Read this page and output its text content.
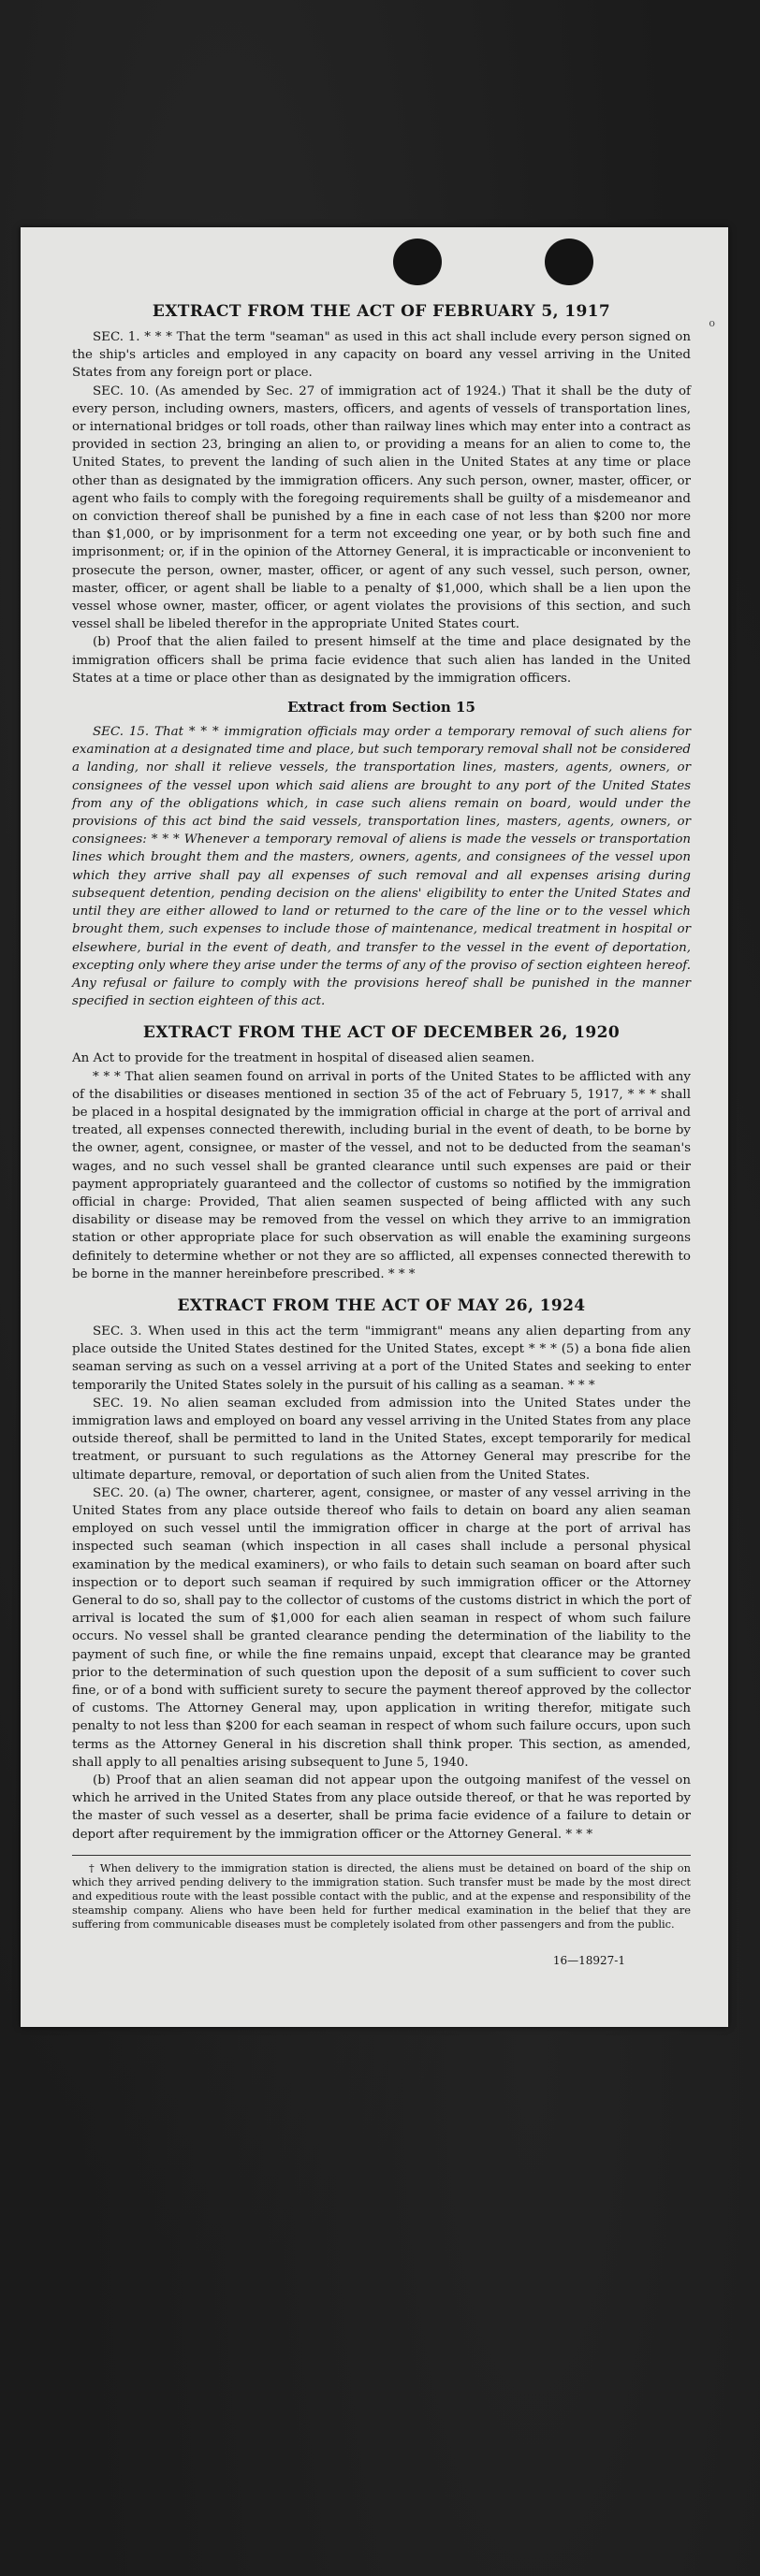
o
EXTRACT FROM THE ACT OF FEBRUARY 5, 1917

SEC. 1. * * * That the term "seaman" as used in this act shall include every person signed on the ship's articles and employed in any capacity on board any vessel arriving in the United States from any foreign port or place.

SEC. 10. (As amended by Sec. 27 of immigration act of 1924.) That it shall be the duty of every person, including owners, masters, officers, and agents of vessels of transportation lines, or international bridges or toll roads, other than railway lines which may enter into a contract as provided in section 23, bringing an alien to, or providing a means for an alien to come to, the United States, to prevent the landing of such alien in the United States at any time or place other than as designated by the immigration officers. Any such person, owner, master, officer, or agent who fails to comply with the foregoing requirements shall be guilty of a misdemeanor and on conviction thereof shall be punished by a fine in each case of not less than $200 nor more than $1,000, or by imprisonment for a term not exceeding one year, or by both such fine and imprisonment; or, if in the opinion of the Attorney General, it is impracticable or inconvenient to prosecute the person, owner, master, officer, or agent of any such vessel, such person, owner, master, officer, or agent shall be liable to a penalty of $1,000, which shall be a lien upon the vessel whose owner, master, officer, or agent violates the provisions of this section, and such vessel shall be libeled therefor in the appropriate United States court.

(b) Proof that the alien failed to present himself at the time and place designated by the immigration officers shall be prima facie evidence that such alien has landed in the United States at a time or place other than as designated by the immigration officers.

Extract from Section 15

SEC. 15. That * * * immigration officials may order a temporary removal of such aliens for examination at a designated time and place, but such temporary removal shall not be considered a landing, nor shall it relieve vessels, the transportation lines, masters, agents, owners, or consignees of the vessel upon which said aliens are brought to any port of the United States from any of the obligations which, in case such aliens remain on board, would under the provisions of this act bind the said vessels, transportation lines, masters, agents, owners, or consignees: * * * Whenever a temporary removal of aliens is made the vessels or transportation lines which brought them and the masters, owners, agents, and consignees of the vessel upon which they arrive shall pay all expenses of such removal and all expenses arising during subsequent detention, pending decision on the aliens' eligibility to enter the United States and until they are either allowed to land or returned to the care of the line or to the vessel which brought them, such expenses to include those of maintenance, medical treatment in hospital or elsewhere, burial in the event of death, and transfer to the vessel in the event of deportation, excepting only where they arise under the terms of any of the proviso of section eighteen hereof. Any refusal or failure to comply with the provisions hereof shall be punished in the manner specified in section eighteen of this act.

EXTRACT FROM THE ACT OF DECEMBER 26, 1920

An Act to provide for the treatment in hospital of diseased alien seamen.

* * * That alien seamen found on arrival in ports of the United States to be afflicted with any of the disabilities or diseases mentioned in section 35 of the act of February 5, 1917, * * * shall be placed in a hospital designated by the immigration official in charge at the port of arrival and treated, all expenses connected therewith, including burial in the event of death, to be borne by the owner, agent, consignee, or master of the vessel, and not to be deducted from the seaman's wages, and no such vessel shall be granted clearance until such expenses are paid or their payment appropriately guaranteed and the collector of customs so notified by the immigration official in charge: Provided, That alien seamen suspected of being afflicted with any such disability or disease may be removed from the vessel on which they arrive to an immigration station or other appropriate place for such observation as will enable the examining surgeons definitely to determine whether or not they are so afflicted, all expenses connected therewith to be borne in the manner hereinbefore prescribed. * * *

EXTRACT FROM THE ACT OF MAY 26, 1924

SEC. 3. When used in this act the term "immigrant" means any alien departing from any place outside the United States destined for the United States, except * * * (5) a bona fide alien seaman serving as such on a vessel arriving at a port of the United States and seeking to enter temporarily the United States solely in the pursuit of his calling as a seaman. * * *

SEC. 19. No alien seaman excluded from admission into the United States under the immigration laws and employed on board any vessel arriving in the United States from any place outside thereof, shall be permitted to land in the United States, except temporarily for medical treatment, or pursuant to such regulations as the Attorney General may prescribe for the ultimate departure, removal, or deportation of such alien from the United States.

SEC. 20. (a) The owner, charterer, agent, consignee, or master of any vessel arriving in the United States from any place outside thereof who fails to detain on board any alien seaman employed on such vessel until the immigration officer in charge at the port of arrival has inspected such seaman (which inspection in all cases shall include a personal physical examination by the medical examiners), or who fails to detain such seaman on board after such inspection or to deport such seaman if required by such immigration officer or the Attorney General to do so, shall pay to the collector of customs of the customs district in which the port of arrival is located the sum of $1,000 for each alien seaman in respect of whom such failure occurs. No vessel shall be granted clearance pending the determination of the liability to the payment of such fine, or while the fine remains unpaid, except that clearance may be granted prior to the determination of such question upon the deposit of a sum sufficient to cover such fine, or of a bond with sufficient surety to secure the payment thereof approved by the collector of customs. The Attorney General may, upon application in writing therefor, mitigate such penalty to not less than $200 for each seaman in respect of whom such failure occurs, upon such terms as the Attorney General in his discretion shall think proper. This section, as amended, shall apply to all penalties arising subsequent to June 5, 1940.

(b) Proof that an alien seaman did not appear upon the outgoing manifest of the vessel on which he arrived in the United States from any place outside thereof, or that he was reported by the master of such vessel as a deserter, shall be prima facie evidence of a failure to detain or deport after requirement by the immigration officer or the Attorney General. * * *

† When delivery to the immigration station is directed, the aliens must be detained on board of the ship on which they arrived pending delivery to the immigration station. Such transfer must be made by the most direct and expeditious route with the least possible contact with the public, and at the expense and responsibility of the steamship company. Aliens who have been held for further medical examination in the belief that they are suffering from communicable diseases must be completely isolated from other passengers and from the public.

16—18927-1
